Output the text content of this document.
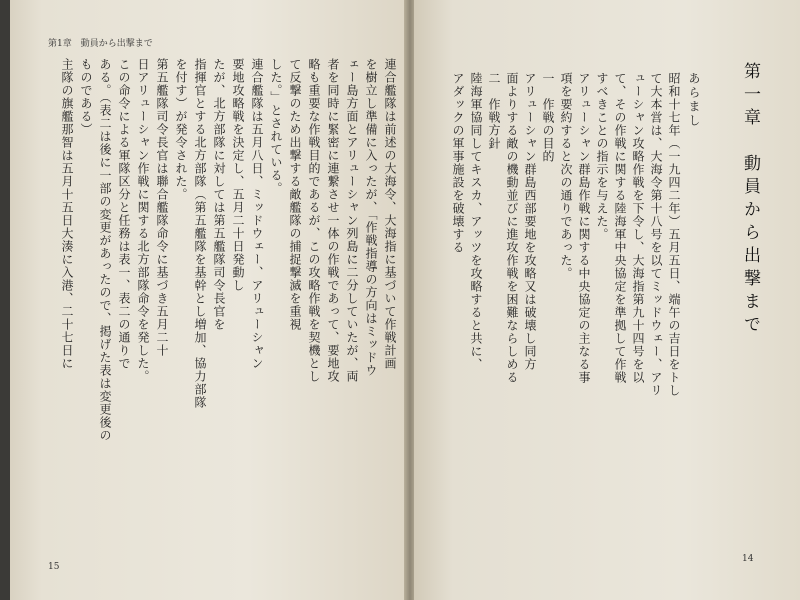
第1章　動員から出撃まで
連合艦隊は前述の大海令、大海指に基づいて作戦計画
を樹立し準備に入ったが、「作戦指導の方向はミッドウ
ェー島方面とアリューシャン列島に二分していたが、両
者を同時に緊密に連繋させ一体の作戦であって、要地攻
略も重要な作戦目的であるが、この攻略作戦を契機とし
て反撃のため出撃する敵艦隊の捕捉撃滅を重視
した。」とされている。
連合艦隊は五月八日、ミッドウェー、アリューシャン
要地攻略戦を決定し、五月二十日発動し
たが、北方部隊に対しては第五艦隊司令長官を
指揮官とする北方部隊（第五艦隊を基幹とし増加、協力部隊
を付す）が発令された。
第五艦隊司令長官は聯合艦隊命令に基づき五月二十
日アリューシャン作戦に関する北方部隊命令を発した。
この命令による軍隊区分と任務は表一、表二の通りで
ある。（表二は後に一部の変更があったので、掲げた表は変更後の
ものである）
主隊の旗艦那智は五月十五日大湊に入港、二十七日に
15
第一章　動員から出撃まで
あらまし
昭和十七年（一九四二年）五月五日、端午の吉日をトし
て大本営は、大海令第十八号を以てミッドウェー、アリ
ューシャン攻略作戦を下令し、大海指第九十四号を以
て、その作戦に関する陸海軍中央協定を準拠して作戦
すべきことの指示を与えた。
アリューシャン群島作戦に関する中央協定の主なる事
項を要約すると次の通りであった。
一　作戦の目的
アリューシャン群島西部要地を攻略又は破壊し同方
面よりする敵の機動並びに進攻作戦を困難ならしめる
二　作戦方針
陸海軍協同してキスカ、アッツを攻略すると共に、
アダックの軍事施設を破壊する
14
